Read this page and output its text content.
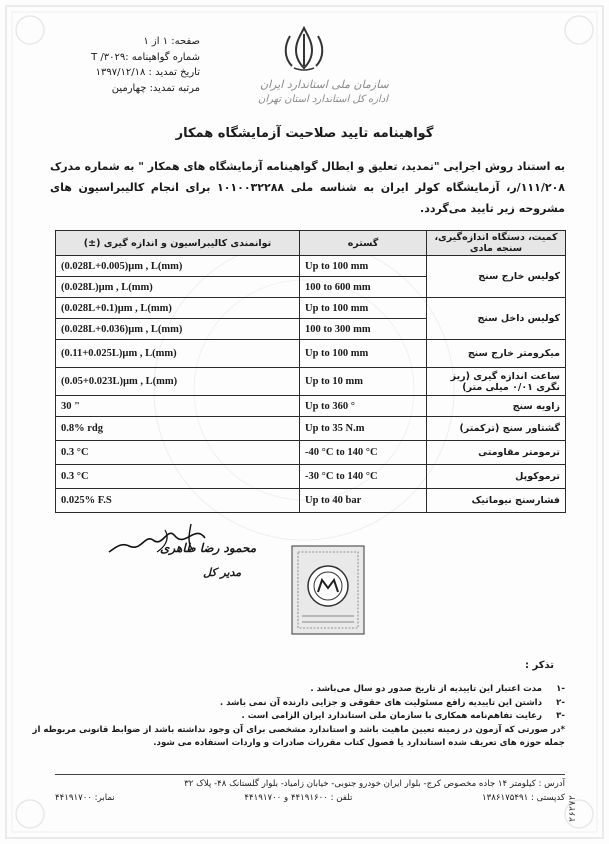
سازمان ملی استاندارد ایران
اداره کل استاندارد استان تهران
صفحه: ۱ از ۱
شماره گواهینامه :۳۰۲۹/ T
تاریخ تمدید : ۱۳۹۷/۱۲/۱۸
مرتبه تمدید: چهارمین
گواهینامه تایید صلاحیت آزمایشگاه همکار
به استناد روش اجرایی "تمدید، تعلیق و ابطال گواهینامه آزمایشگاه های همکار " به شماره مدرک ۱۱۱/۲۰۸/ر، آزمایشگاه کولر ایران به شناسه ملی ۱۰۱۰۰۳۲۲۸۸ برای انجام کالیبراسیون های مشروحه زیر تایید می‌گردد.
کمیت، دستگاه اندازه‌گیری، سنجه مادی	گستره	توانمندی کالیبراسیون و اندازه گیری (±)
کولیس خارج سنج	Up to 100 mm	(0.028L+0.005)µm , L(mm)
	100 to 600 mm	(0.028L)µm , L(mm)
کولیس داخل سنج	Up to 100 mm	(0.028L+0.1)µm , L(mm)
	100 to 300 mm	(0.028L+0.036)µm , L(mm)
میکرومتر خارج سنج	Up to 100 mm	(0.11+0.025L)µm , L(mm)
ساعت اندازه گیری (ریز نگری ۰/۰۱ میلی متر)	Up to 10 mm	(0.05+0.023L)µm , L(mm)
زاویه سنج	Up to 360 °	30 "
گشتاور سنج (ترکمتر)	Up to 35 N.m	0.8% rdg
ترمومتر مقاومتی	-40 °C to 140 °C	0.3 °C
ترموکوپل	-30 °C to 140 °C	0.3 °C
فشارسنج نیوماتیک	Up to 40 bar	0.025% F.S
محمود رضا طاهری
مدیر کل
تذکر :
-۱ مدت اعتبار این تاییدیه از تاریخ صدور دو سال می‌باشد .
-۲ داشتن این تاییدیه رافع مسئولیت های حقوقی و جزایی دارنده آن نمی باشد .
-۳ رعایت تفاهم‌نامه همکاری با سازمان ملی استاندارد ایران الزامی است .
*در صورتی که آزمون در زمینه تعیین ماهیت باشد و استاندارد مشخصی برای آن وجود نداشته باشد از ضوابط قانونی مربوطه از
جمله حوزه های تعریف شده استاندارد یا فصول کتاب مقررات صادرات و واردات استفاده می شود.
آدرس : کیلومتر ۱۴ جاده مخصوص کرج- بلوار ایران خودرو جنوبی- خیابان زامیاد- بلوار گلستانک ۴۸- پلاک ۳۲
کدپستی : ۱۳۸۶۱۷۵۴۹۱
تلفن : ۴۴۱۹۱۶۰۰ و ۴۴۱۹۱۷۰۰
نمابر: ۴۴۱۹۱۷۰۰	۲۶۲۷۲
